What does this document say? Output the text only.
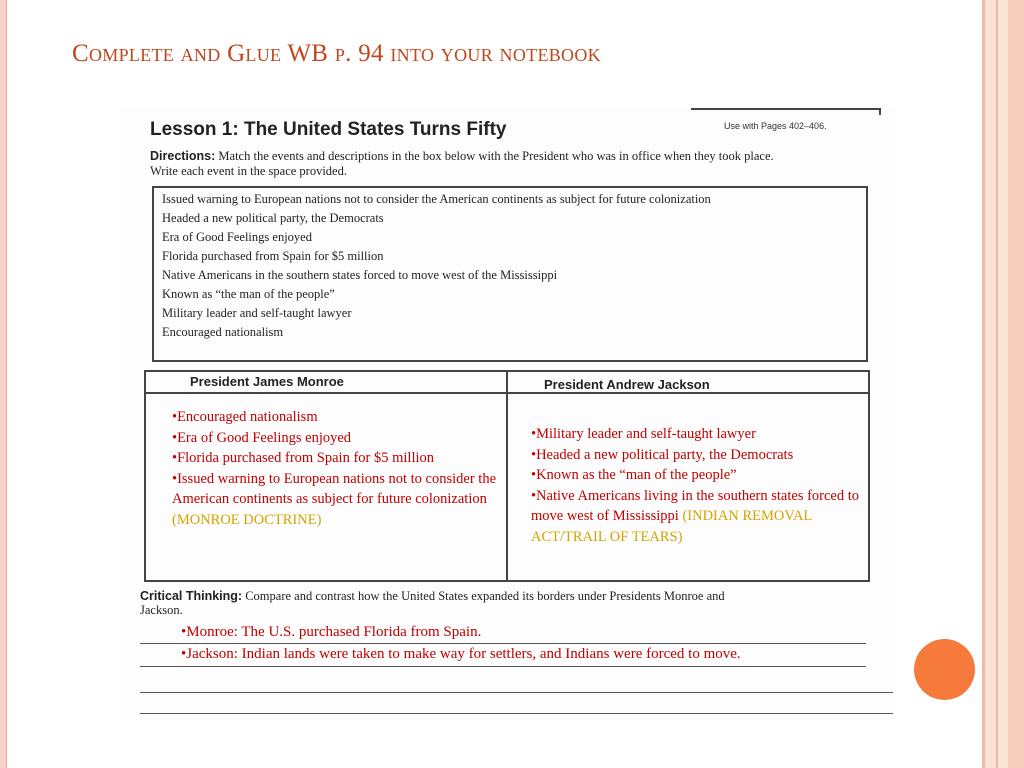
Complete and Glue WB p. 94 into your notebook
Lesson 1: The United States Turns Fifty	Use with Pages 402–406.
Directions: Match the events and descriptions in the box below with the President who was in office when they took place. Write each event in the space provided.
Issued warning to European nations not to consider the American continents as subject for future colonization
Headed a new political party, the Democrats
Era of Good Feelings enjoyed
Florida purchased from Spain for $5 million
Native Americans in the southern states forced to move west of the Mississippi
Known as “the man of the people”
Military leader and self-taught lawyer
Encouraged nationalism
President James Monroe	President Andrew Jackson
•Encouraged nationalism
•Era of Good Feelings enjoyed
•Florida purchased from Spain for $5 million
•Issued warning to European nations not to consider the American continents as subject for future colonization (MONROE DOCTRINE)
•Military leader and self-taught lawyer
•Headed a new political party, the Democrats
•Known as the “man of the people”
•Native Americans living in the southern states forced to move west of Mississippi (INDIAN REMOVAL ACT/TRAIL OF TEARS)
Critical Thinking: Compare and contrast how the United States expanded its borders under Presidents Monroe and Jackson.
•Monroe: The U.S. purchased Florida from Spain.
•Jackson: Indian lands were taken to make way for settlers, and Indians were forced to move.
